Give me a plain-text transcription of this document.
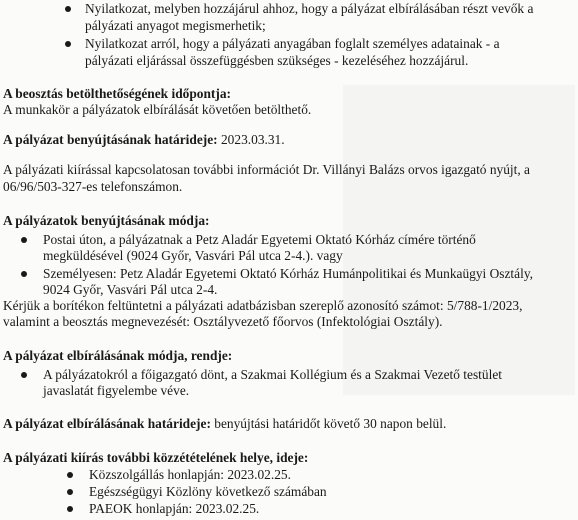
Nyilatkozat, melyben hozzájárul ahhoz, hogy a pályázat elbírálásában részt vevők a
pályázati anyagot megismerhetik;
Nyilatkozat arról, hogy a pályázati anyagában foglalt személyes adatainak - a
pályázati eljárással összefüggésben szükséges - kezeléséhez hozzájárul.
A beosztás betölthetőségének időpontja:
A munkakör a pályázatok elbírálását követően betölthető.
A pályázat benyújtásának határideje: 2023.03.31.
A pályázati kiírással kapcsolatosan további információt Dr. Villányi Balázs orvos igazgató nyújt, a
06/96/503-327-es telefonszámon.
A pályázatok benyújtásának módja:
Postai úton, a pályázatnak a Petz Aladár Egyetemi Oktató Kórház címére történő
megküldésével (9024 Győr, Vasvári Pál utca 2-4.). vagy
Személyesen: Petz Aladár Egyetemi Oktató Kórház Humánpolitikai és Munkaügyi Osztály,
9024 Győr, Vasvári Pál utca 2-4.
Kérjük a borítékon feltüntetni a pályázati adatbázisban szereplő azonosító számot: 5/788-1/2023,
valamint a beosztás megnevezését: Osztályvezető főorvos (Infektológiai Osztály).
A pályázat elbírálásának módja, rendje:
A pályázatokról a főigazgató dönt, a Szakmai Kollégium és a Szakmai Vezető testület
javaslatát figyelembe véve.
A pályázat elbírálásának határideje: benyújtási határidőt követő 30 napon belül.
A pályázati kiírás további közzétételének helye, ideje:
Közszolgállás honlapján: 2023.02.25.
Egészségügyi Közlöny következő számában
PAEOK honlapján: 2023.02.25.
